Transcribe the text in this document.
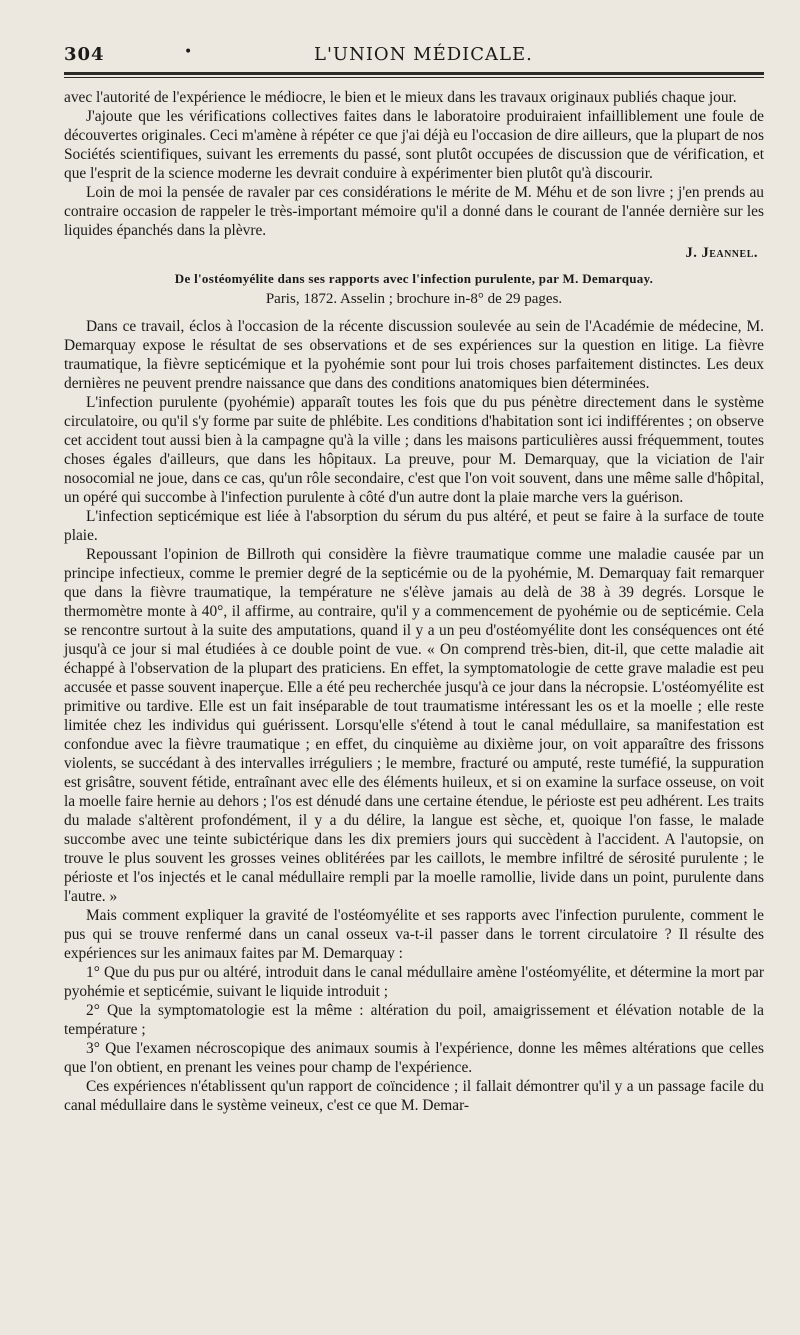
304	•	L'UNION MÉDICALE.

avec l'autorité de l'expérience le médiocre, le bien et le mieux dans les travaux originaux publiés chaque jour.

J'ajoute que les vérifications collectives faites dans le laboratoire produiraient infailliblement une foule de découvertes originales. Ceci m'amène à répéter ce que j'ai déjà eu l'occasion de dire ailleurs, que la plupart de nos Sociétés scientifiques, suivant les errements du passé, sont plutôt occupées de discussion que de vérification, et que l'esprit de la science moderne les devrait conduire à expérimenter bien plutôt qu'à discourir.

Loin de moi la pensée de ravaler par ces considérations le mérite de M. Méhu et de son livre ; j'en prends au contraire occasion de rappeler le très-important mémoire qu'il a donné dans le courant de l'année dernière sur les liquides épanchés dans la plèvre.

J. Jeannel.
De l'ostéomyélite dans ses rapports avec l'infection purulente, par M. Demarquay.
Paris, 1872. Asselin ; brochure in-8° de 29 pages.

Dans ce travail, éclos à l'occasion de la récente discussion soulevée au sein de l'Académie de médecine, M. Demarquay expose le résultat de ses observations et de ses expériences sur la question en litige. La fièvre traumatique, la fièvre septicémique et la pyohémie sont pour lui trois choses parfaitement distinctes. Les deux dernières ne peuvent prendre naissance que dans des conditions anatomiques bien déterminées.

L'infection purulente (pyohémie) apparaît toutes les fois que du pus pénètre directement dans le système circulatoire, ou qu'il s'y forme par suite de phlébite. Les conditions d'habitation sont ici indifférentes ; on observe cet accident tout aussi bien à la campagne qu'à la ville ; dans les maisons particulières aussi fréquemment, toutes choses égales d'ailleurs, que dans les hôpitaux. La preuve, pour M. Demarquay, que la viciation de l'air nosocomial ne joue, dans ce cas, qu'un rôle secondaire, c'est que l'on voit souvent, dans une même salle d'hôpital, un opéré qui succombe à l'infection purulente à côté d'un autre dont la plaie marche vers la guérison.

L'infection septicémique est liée à l'absorption du sérum du pus altéré, et peut se faire à la surface de toute plaie.

Repoussant l'opinion de Billroth qui considère la fièvre traumatique comme une maladie causée par un principe infectieux, comme le premier degré de la septicémie ou de la pyohémie, M. Demarquay fait remarquer que dans la fièvre traumatique, la température ne s'élève jamais au delà de 38 à 39 degrés. Lorsque le thermomètre monte à 40°, il affirme, au contraire, qu'il y a commencement de pyohémie ou de septicémie. Cela se rencontre surtout à la suite des amputations, quand il y a un peu d'ostéomyélite dont les conséquences ont été jusqu'à ce jour si mal étudiées à ce double point de vue. « On comprend très-bien, dit-il, que cette maladie ait échappé à l'observation de la plupart des praticiens. En effet, la symptomatologie de cette grave maladie est peu accusée et passe souvent inaperçue. Elle a été peu recherchée jusqu'à ce jour dans la nécropsie. L'ostéomyélite est primitive ou tardive. Elle est un fait inséparable de tout traumatisme intéressant les os et la moelle ; elle reste limitée chez les individus qui guérissent. Lorsqu'elle s'étend à tout le canal médullaire, sa manifestation est confondue avec la fièvre traumatique ; en effet, du cinquième au dixième jour, on voit apparaître des frissons violents, se succédant à des intervalles irréguliers ; le membre, fracturé ou amputé, reste tuméfié, la suppuration est grisâtre, souvent fétide, entraînant avec elle des éléments huileux, et si on examine la surface osseuse, on voit la moelle faire hernie au dehors ; l'os est dénudé dans une certaine étendue, le périoste est peu adhérent. Les traits du malade s'altèrent profondément, il y a du délire, la langue est sèche, et, quoique l'on fasse, le malade succombe avec une teinte subictérique dans les dix premiers jours qui succèdent à l'accident. A l'autopsie, on trouve le plus souvent les grosses veines oblitérées par les caillots, le membre infiltré de sérosité purulente ; le périoste et l'os injectés et le canal médullaire rempli par la moelle ramollie, livide dans un point, purulente dans l'autre. »

Mais comment expliquer la gravité de l'ostéomyélite et ses rapports avec l'infection purulente, comment le pus qui se trouve renfermé dans un canal osseux va-t-il passer dans le torrent circulatoire ? Il résulte des expériences sur les animaux faites par M. Demarquay :

1° Que du pus pur ou altéré, introduit dans le canal médullaire amène l'ostéomyélite, et détermine la mort par pyohémie et septicémie, suivant le liquide introduit ;

2° Que la symptomatologie est la même : altération du poil, amaigrissement et élévation notable de la température ;

3° Que l'examen nécroscopique des animaux soumis à l'expérience, donne les mêmes altérations que celles que l'on obtient, en prenant les veines pour champ de l'expérience.

Ces expériences n'établissent qu'un rapport de coïncidence ; il fallait démontrer qu'il y a un passage facile du canal médullaire dans le système veineux, c'est ce que M. Demar-
